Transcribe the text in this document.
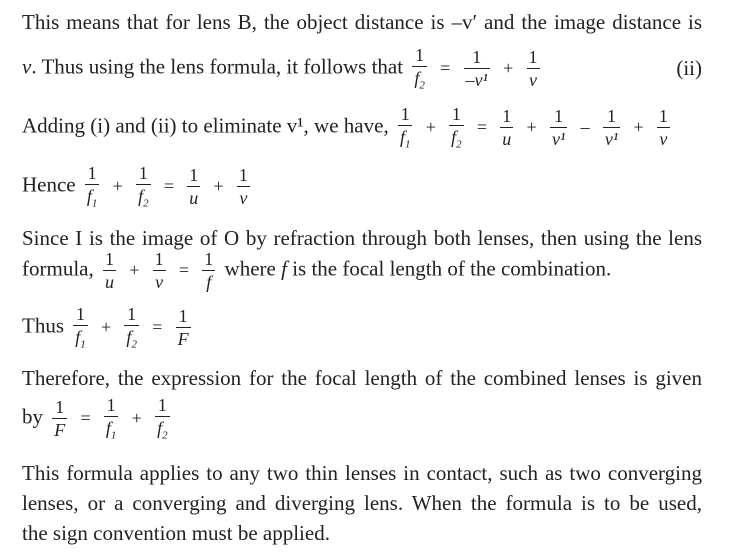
This means that for lens B, the object distance is –vʹ and the image distance is
v. Thus using the lens formula, it follows that $\frac{1}{f_2} = \frac{1}{\text{–v¹}} + \frac{1}{v}$	(ii)
Adding (i) and (ii) to eliminate v¹, we have, $\frac{1}{f_1} + \frac{1}{f_2} = \frac{1}{u} + \frac{1}{\text{v¹}} - \frac{1}{\text{v¹}} + \frac{1}{v}$
Hence $\frac{1}{f_1} + \frac{1}{f_2} = \frac{1}{u} + \frac{1}{v}$
Since I is the image of O by refraction through both lenses, then using the lens
formula, $\frac{1}{u} + \frac{1}{v} = \frac{1}{f}$ where f is the focal length of the combination.
Thus $\frac{1}{f_1} + \frac{1}{f_2} = \frac{1}{F}$
Therefore, the expression for the focal length of the combined lenses is given
by $\frac{1}{F} = \frac{1}{f_1} + \frac{1}{f_2}$
This formula applies to any two thin lenses in contact, such as two converging
lenses, or a converging and diverging lens. When the formula is to be used,
the sign convention must be applied.
